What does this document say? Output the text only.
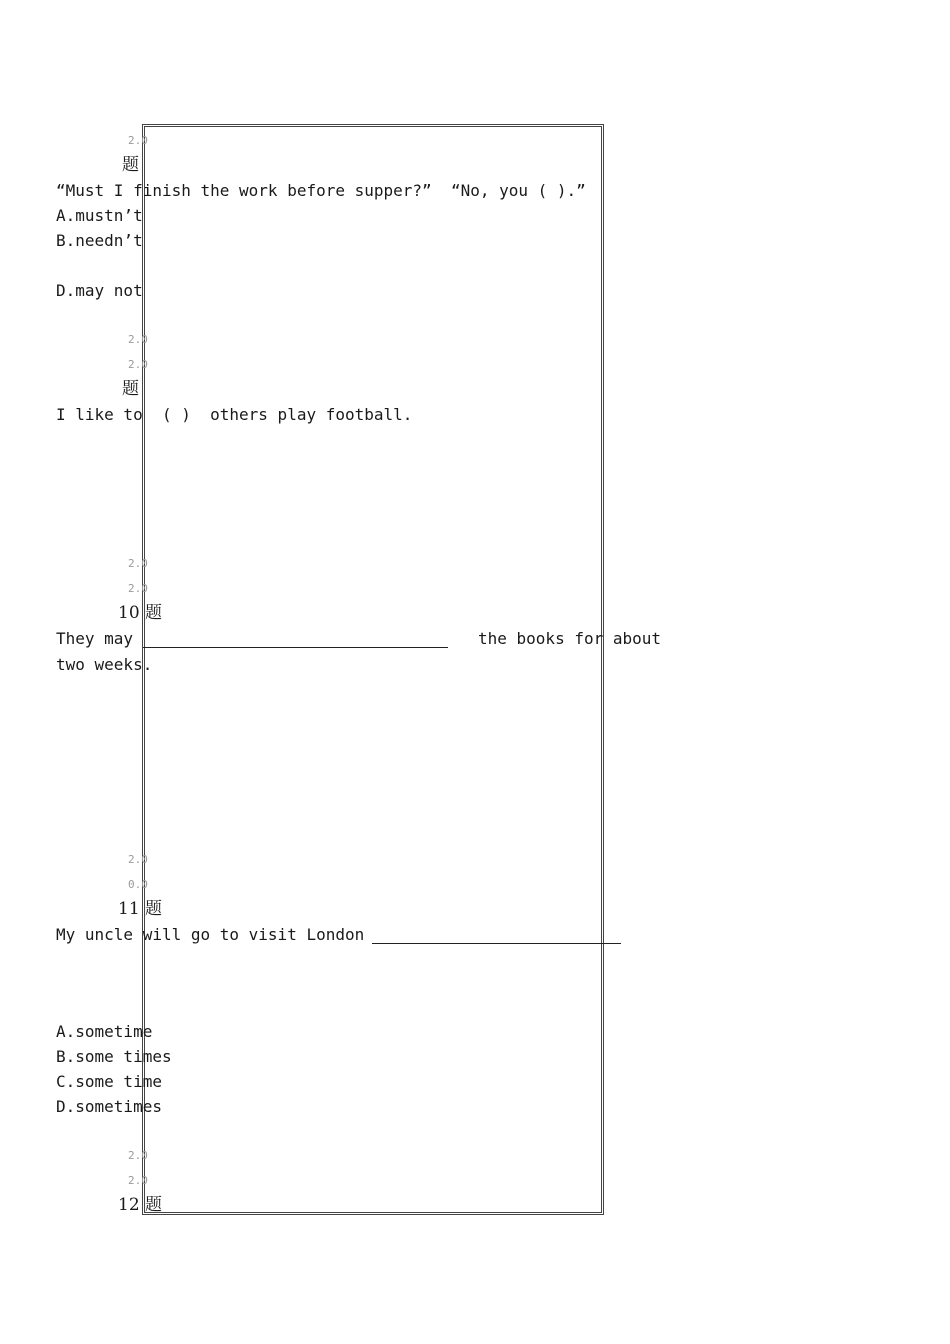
2.0
题
“Must I finish the work before supper?”  “No, you ( ).”
A.mustn’t
B.needn’t
D.may not
2.0
2.0
题
I like to  ( )  others play football.
2.0
2.0
10 题
They may	the books for about
two weeks.
2.0
0.0
11 题
My uncle will go to visit London
A.sometime
B.some times
C.some time
D.sometimes
2.0
2.0
12 题
